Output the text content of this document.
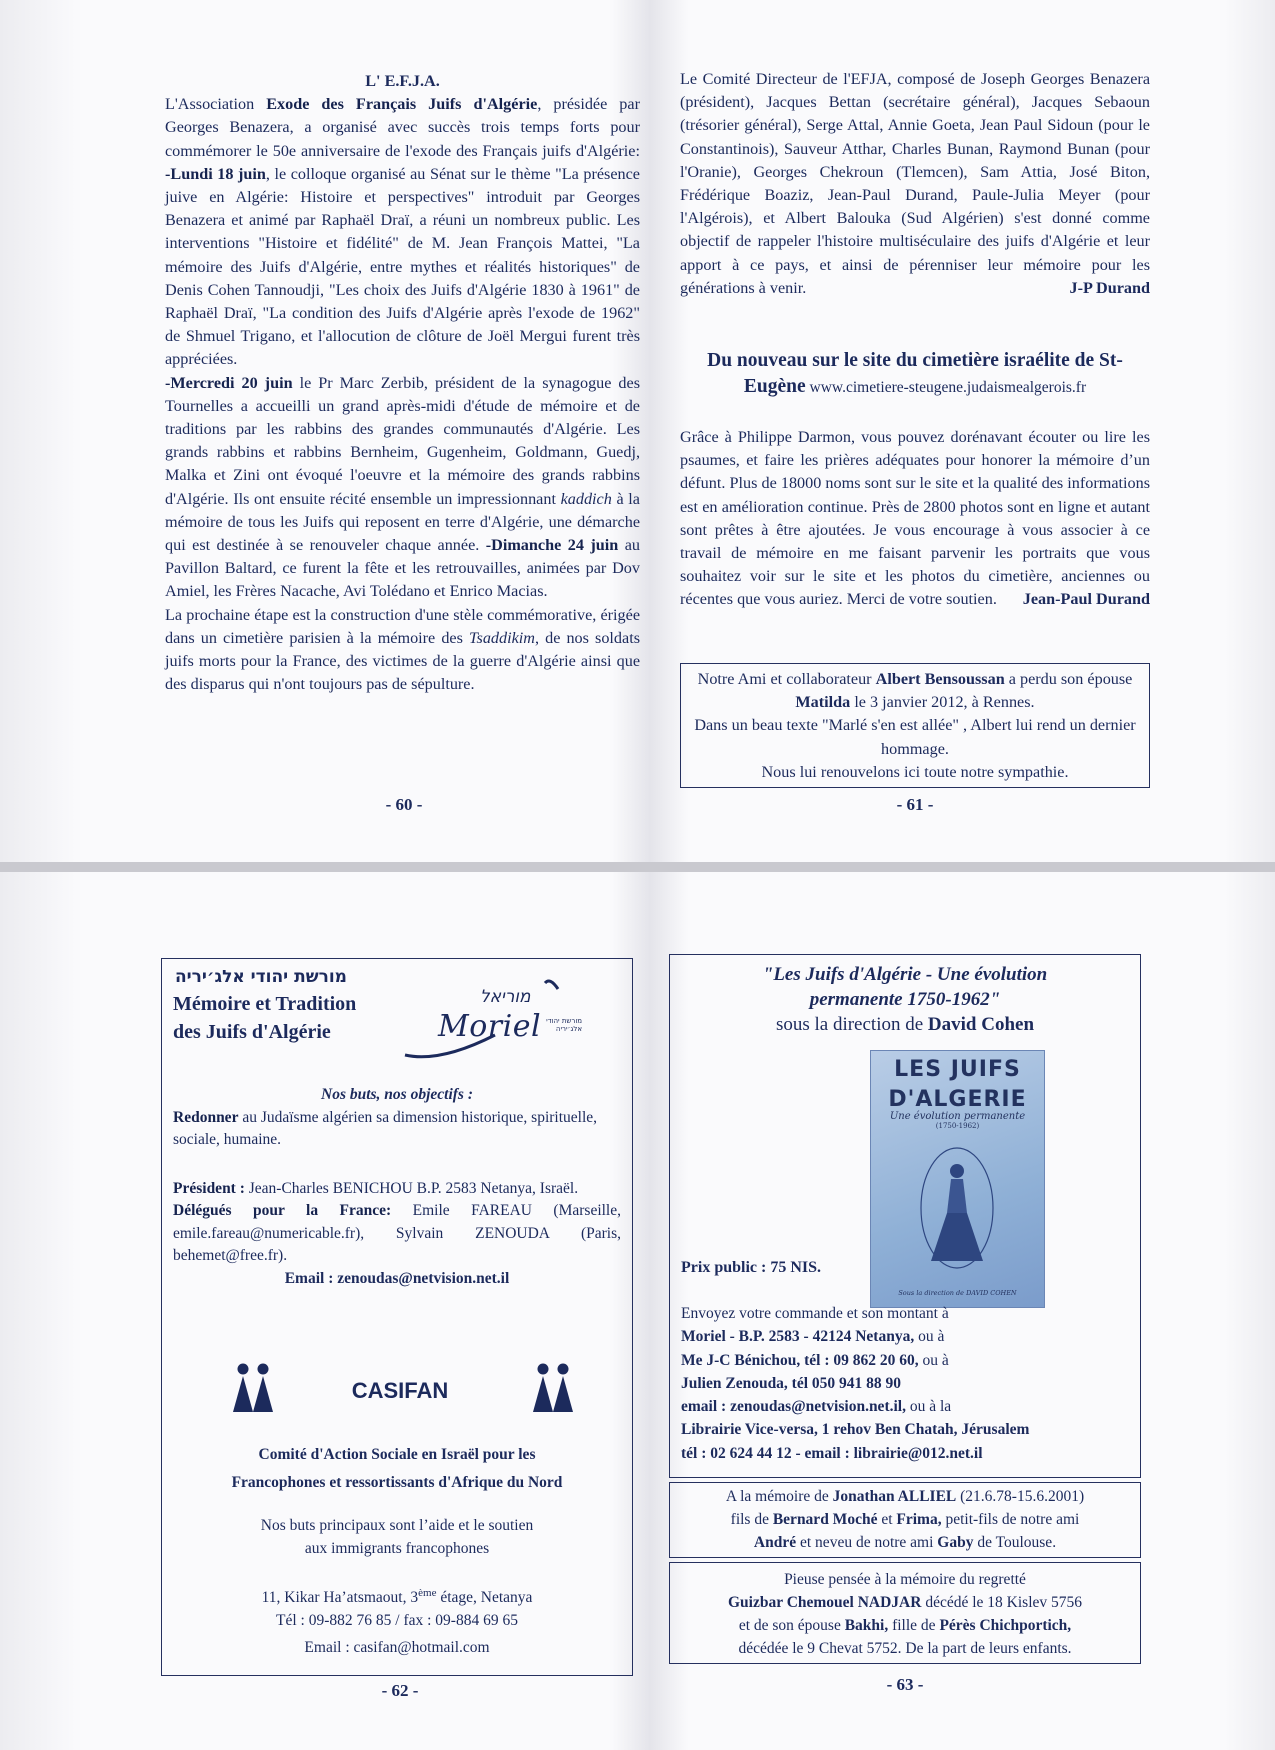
L' E.F.J.A.

L'Association Exode des Français Juifs d'Algérie, présidée par Georges Benazera, a organisé avec succès trois temps forts pour commémorer le 50e anniversaire de l'exode des Français juifs d'Algérie: -Lundi 18 juin, le colloque organisé au Sénat sur le thème "La présence juive en Algérie: Histoire et perspectives" introduit par Georges Benazera et animé par Raphaël Draï, a réuni un nombreux public. Les interventions "Histoire et fidélité" de M. Jean François Mattei, "La mémoire des Juifs d'Algérie, entre mythes et réalités historiques" de Denis Cohen Tannoudji, "Les choix des Juifs d'Algérie 1830 à 1961" de Raphaël Draï, "La condition des Juifs d'Algérie après l'exode de 1962" de Shmuel Trigano, et l'allocution de clôture de Joël Mergui furent très appréciées.

-Mercredi 20 juin le Pr Marc Zerbib, président de la synagogue des Tournelles a accueilli un grand après-midi d'étude de mémoire et de traditions par les rabbins des grandes communautés d'Algérie. Les grands rabbins et rabbins Bernheim, Gugenheim, Goldmann, Guedj, Malka et Zini ont évoqué l'oeuvre et la mémoire des grands rabbins d'Algérie. Ils ont ensuite récité ensemble un impressionnant kaddich à la mémoire de tous les Juifs qui reposent en terre d'Algérie, une démarche qui est destinée à se renouveler chaque année. -Dimanche 24 juin au Pavillon Baltard, ce furent la fête et les retrouvailles, animées par Dov Amiel, les Frères Nacache, Avi Tolédano et Enrico Macias.

La prochaine étape est la construction d'une stèle commémorative, érigée dans un cimetière parisien à la mémoire des Tsaddikim, de nos soldats juifs morts pour la France, des victimes de la guerre d'Algérie ainsi que des disparus qui n'ont toujours pas de sépulture.

- 60 -

Le Comité Directeur de l'EFJA, composé de Joseph Georges Benazera (président), Jacques Bettan (secrétaire général), Jacques Sebaoun (trésorier général), Serge Attal, Annie Goeta, Jean Paul Sidoun (pour le Constantinois), Sauveur Atthar, Charles Bunan, Raymond Bunan (pour l'Oranie), Georges Chekroun (Tlemcen), Sam Attia, José Biton, Frédérique Boaziz, Jean-Paul Durand, Paule-Julia Meyer (pour l'Algérois), et Albert Balouka (Sud Algérien) s'est donné comme objectif de rappeler l'histoire multiséculaire des juifs d'Algérie et leur apport à ce pays, et ainsi de pérenniser leur mémoire pour les générations à venir.	J-P Durand

Du nouveau sur le site du cimetière israélite de St-Eugène www.cimetiere-steugene.judaismealgerois.fr

Grâce à Philippe Darmon, vous pouvez dorénavant écouter ou lire les psaumes, et faire les prières adéquates pour honorer la mémoire d’un défunt. Plus de 18000 noms sont sur le site et la qualité des informations est en amélioration continue. Près de 2800 photos sont en ligne et autant sont prêtes à être ajoutées. Je vous encourage à vous associer à ce travail de mémoire en me faisant parvenir les portraits que vous souhaitez voir sur le site et les photos du cimetière, anciennes ou récentes que vous auriez. Merci de votre soutien. Jean-Paul Durand

Notre Ami et collaborateur Albert Bensoussan a perdu son épouse Matilda le 3 janvier 2012, à Rennes.
Dans un beau texte "Marlé s'en est allée" , Albert lui rend un dernier hommage.
Nous lui renouvelons ici toute notre sympathie.
- 61 -
מורשת יהודי אלג׳יריה
Mémoire et Tradition
des Juifs d'Algérie
מוריאל
Moriel מורשת יהודי אלג׳יריה
Nos buts, nos objectifs :
Redonner au Judaïsme algérien sa dimension historique, spirituelle, sociale, humaine.
Président : Jean-Charles BENICHOU B.P. 2583 Netanya, Israël.
Délégués pour la France: Emile FAREAU (Marseille, emile.fareau@numericable.fr), Sylvain ZENOUDA (Paris, behemet@free.fr).
Email : zenoudas@netvision.net.il
CASIFAN
Comité d'Action Sociale en Israël pour les
Francophones et ressortissants d'Afrique du Nord
Nos buts principaux sont l’aide et le soutien
aux immigrants francophones
11, Kikar Ha’atsmaout, 3ème étage, Netanya
Tél : 09-882 76 85 / fax : 09-884 69 65
Email : casifan@hotmail.com
- 62 -
"Les Juifs d'Algérie - Une évolution
permanente 1750-1962"
sous la direction de David Cohen
LES JUIFS
D'ALGERIE
Une évolution permanente
(1750-1962)
Sous la direction de DAVID COHEN
Prix public : 75 NIS.
Envoyez votre commande et son montant à
Moriel - B.P. 2583 - 42124 Netanya, ou à
Me J-C Bénichou, tél : 09 862 20 60, ou à
Julien Zenouda, tél 050 941 88 90
email : zenoudas@netvision.net.il, ou à la
Librairie Vice-versa, 1 rehov Ben Chatah, Jérusalem
tél : 02 624 44 12 - email : librairie@012.net.il
A la mémoire de Jonathan ALLIEL (21.6.78-15.6.2001)
fils de Bernard Moché et Frima, petit-fils de notre ami
André et neveu de notre ami Gaby de Toulouse.
Pieuse pensée à la mémoire du regretté
Guizbar Chemouel NADJAR décédé le 18 Kislev 5756
et de son épouse Bakhi, fille de Pérès Chichportich,
décédée le 9 Chevat 5752. De la part de leurs enfants.
- 63 -
